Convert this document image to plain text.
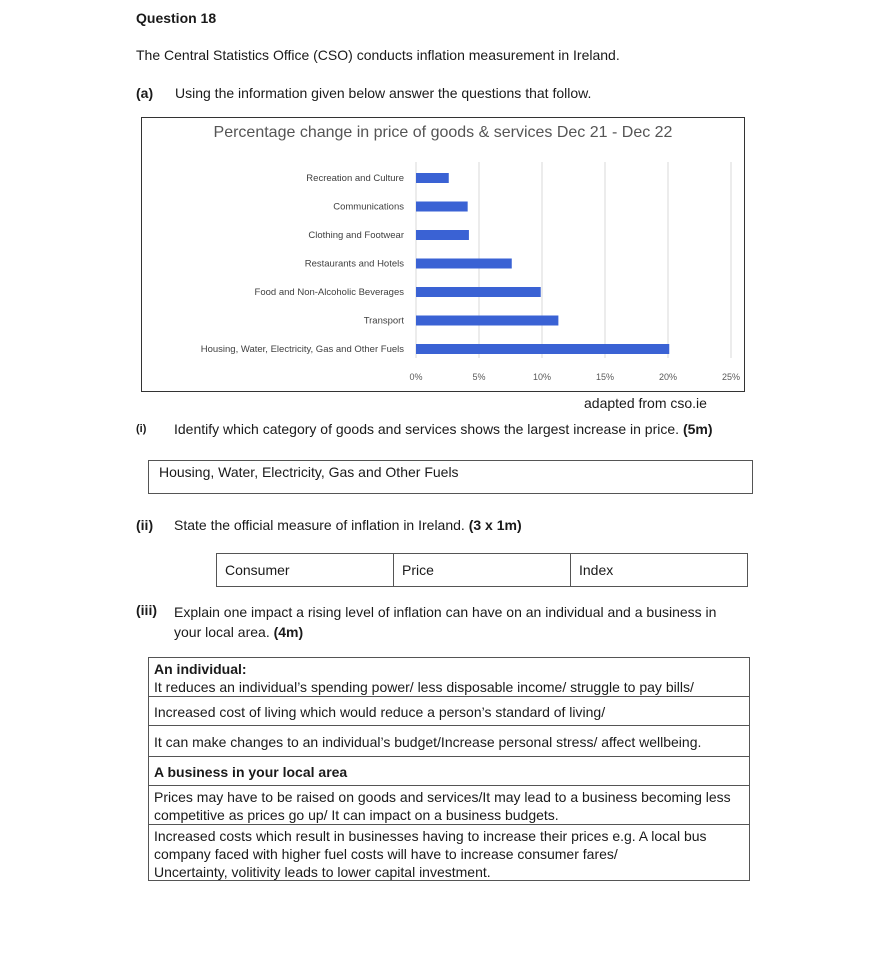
Question 18
The Central Statistics Office (CSO) conducts inflation measurement in Ireland.
(a) Using the information given below answer the questions that follow.
Percentage change in price of goods & services Dec 21 - Dec 22
0%	5%	10%	15%	20%	25%
Recreation and Culture
Communications
Clothing and Footwear
Restaurants and Hotels
Food and Non-Alcoholic Beverages
Transport
Housing, Water, Electricity, Gas and Other Fuels
adapted from cso.ie
(i) Identify which category of goods and services shows the largest increase in price. (5m)
Housing, Water, Electricity, Gas and Other Fuels
(ii) State the official measure of inflation in Ireland. (3 x 1m)
Consumer	Price	Index
(iii) Explain one impact a rising level of inflation can have on an individual and a business in
your local area. (4m)
An individual:
It reduces an individual’s spending power/ less disposable income/ struggle to pay bills/
Increased cost of living which would reduce a person’s standard of living/
It can make changes to an individual’s budget/Increase personal stress/ affect wellbeing.
A business in your local area
Prices may have to be raised on goods and services/It may lead to a business becoming less
competitive as prices go up/ It can impact on a business budgets.
Increased costs which result in businesses having to increase their prices e.g. A local bus
company faced with higher fuel costs will have to increase consumer fares/
Uncertainty, volitivity leads to lower capital investment.
